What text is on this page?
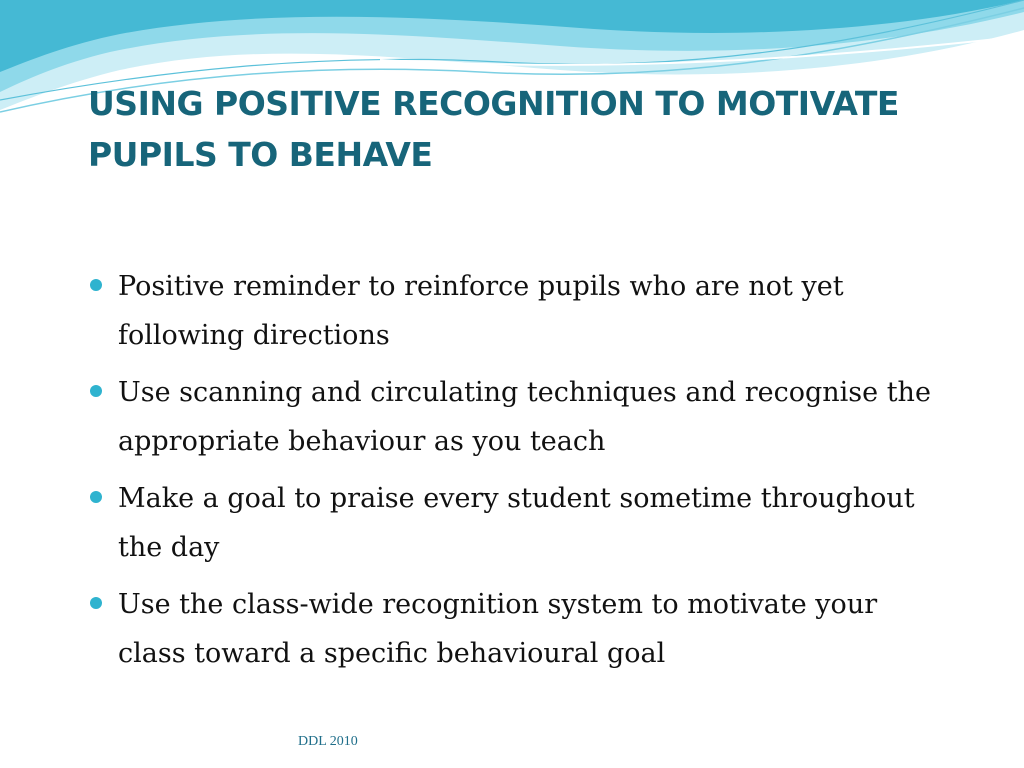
USING POSITIVE RECOGNITION TO MOTIVATE PUPILS TO BEHAVE
Positive reminder to reinforce pupils who are not yet following directions
Use scanning and circulating techniques and recognise the appropriate behaviour as you teach
Make a goal to praise every student sometime throughout the day
Use the class-wide recognition system to motivate your class toward a specific behavioural goal
DDL 2010
